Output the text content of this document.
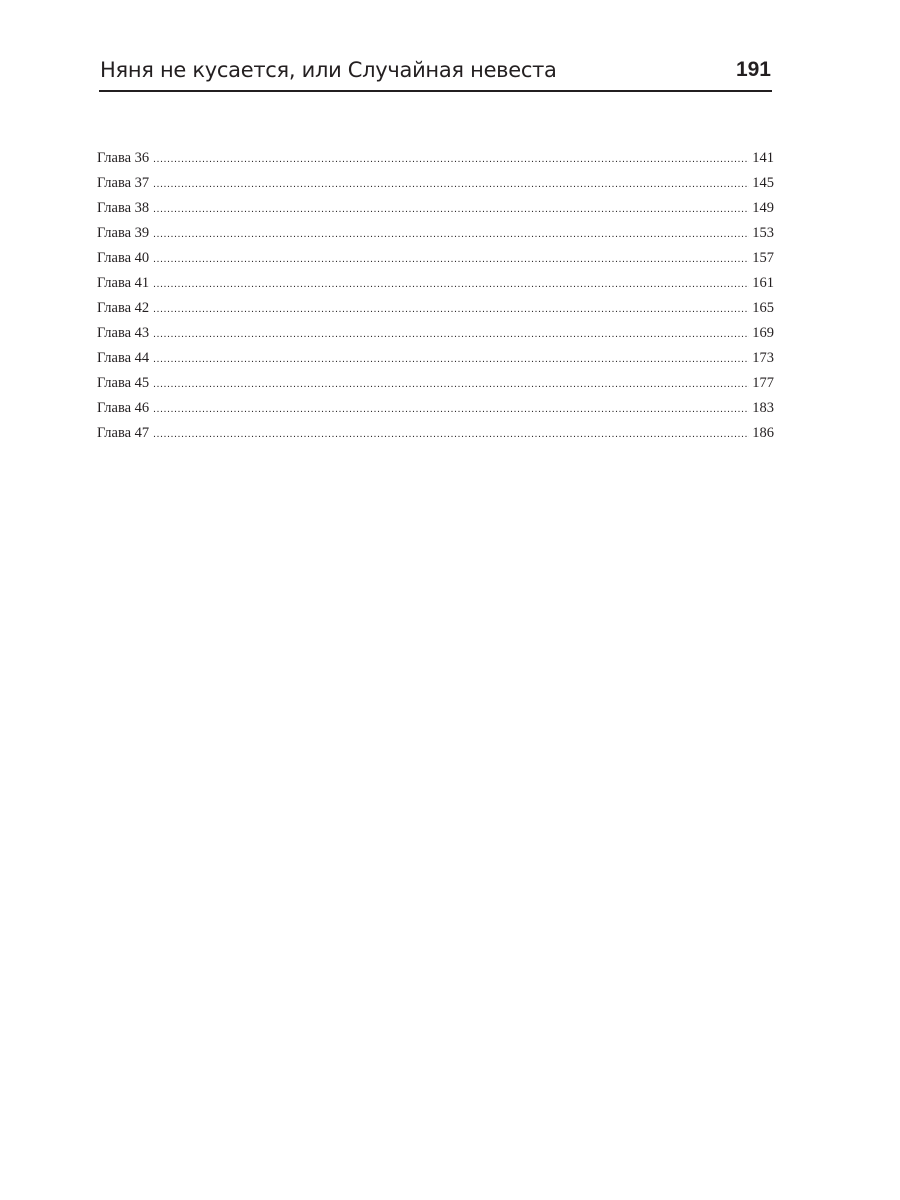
Няня не кусается, или Случайная невеста	191
Глава 36 .....	141
Глава 37 .....	145
Глава 38 .....	149
Глава 39 .....	153
Глава 40 .....	157
Глава 41 .....	161
Глава 42 .....	165
Глава 43 .....	169
Глава 44 .....	173
Глава 45 .....	177
Глава 46 .....	183
Глава 47 .....	186
